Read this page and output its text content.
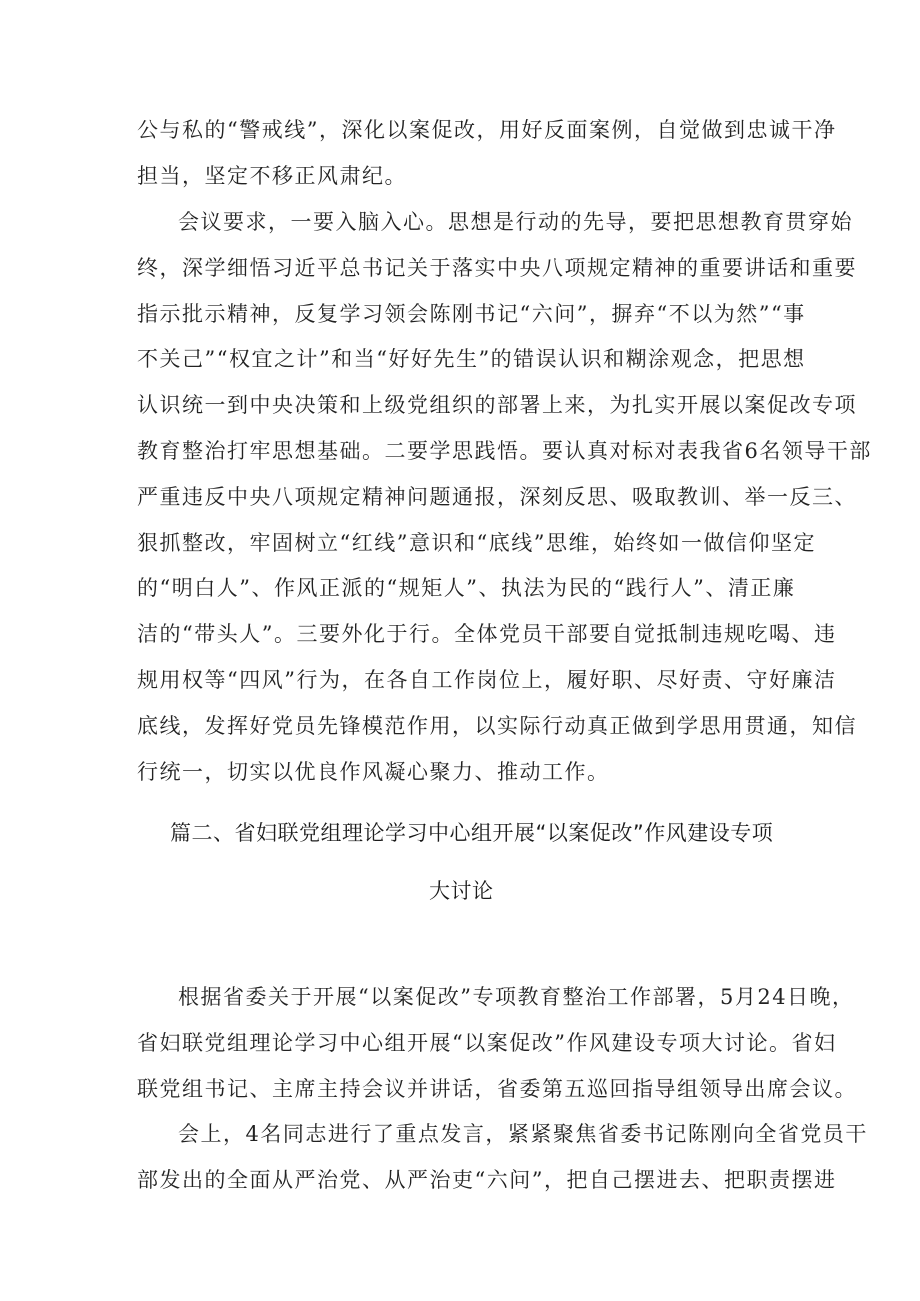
公与私的“警戒线”，深化以案促改，用好反面案例，自觉做到忠诚干净
担当，坚定不移正风肃纪。
会议要求，一要入脑入心。思想是行动的先导，要把思想教育贯穿始
终，深学细悟习近平总书记关于落实中央八项规定精神的重要讲话和重要
指示批示精神，反复学习领会陈刚书记“六问”，摒弃“不以为然”“事
不关己”“权宜之计”和当“好好先生”的错误认识和糊涂观念，把思想
认识统一到中央决策和上级党组织的部署上来，为扎实开展以案促改专项
教育整治打牢思想基础。二要学思践悟。要认真对标对表我省6名领导干部
严重违反中央八项规定精神问题通报，深刻反思、吸取教训、举一反三、
狠抓整改，牢固树立“红线”意识和“底线”思维，始终如一做信仰坚定
的“明白人”、作风正派的“规矩人”、执法为民的“践行人”、清正廉
洁的“带头人”。三要外化于行。全体党员干部要自觉抵制违规吃喝、违
规用权等“四风”行为，在各自工作岗位上，履好职、尽好责、守好廉洁
底线，发挥好党员先锋模范作用，以实际行动真正做到学思用贯通，知信
行统一，切实以优良作风凝心聚力、推动工作。
篇二、省妇联党组理论学习中心组开展“以案促改”作风建设专项
大讨论
根据省委关于开展“以案促改”专项教育整治工作部署，5月24日晚，
省妇联党组理论学习中心组开展“以案促改”作风建设专项大讨论。省妇
联党组书记、主席主持会议并讲话，省委第五巡回指导组领导出席会议。
会上，4名同志进行了重点发言，紧紧聚焦省委书记陈刚向全省党员干
部发出的全面从严治党、从严治吏“六问”，把自己摆进去、把职责摆进
